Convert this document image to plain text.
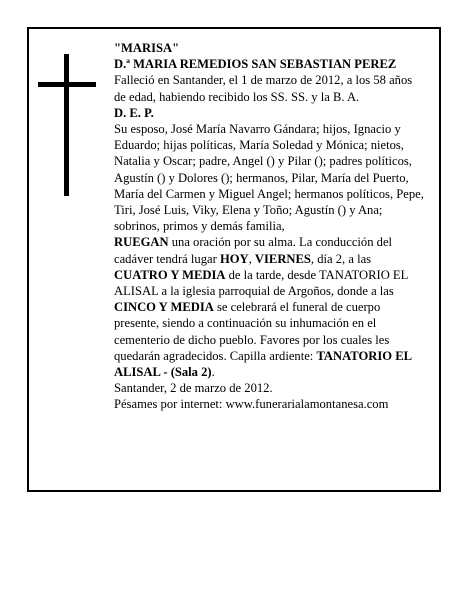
"MARISA"

D.ª MARIA REMEDIOS SAN SEBASTIAN PEREZ

Falleció en Santander, el 1 de marzo de 2012, a los 58 años de edad, habiendo recibido los SS. SS. y la B. A.

D. E. P.

Su esposo, José María Navarro Gándara; hijos, Ignacio y Eduardo; hijas políticas, María Soledad y Mónica; nietos, Natalia y Oscar; padre, Angel () y Pilar (); padres políticos, Agustín () y Dolores (); hermanos, Pilar, María del Puerto, María del Carmen y Miguel Angel; hermanos políticos, Pepe, Tiri, José Luis, Viky, Elena y Toño; Agustín () y Ana; sobrinos, primos y demás familia,

RUEGAN una oración por su alma. La conducción del cadáver tendrá lugar HOY, VIERNES, día 2, a las CUATRO Y MEDIA de la tarde, desde TANATORIO EL ALISAL a la iglesia parroquial de Argoños, donde a las CINCO Y MEDIA se celebrará el funeral de cuerpo presente, siendo a continuación su inhumación en el cementerio de dicho pueblo. Favores por los cuales les quedarán agradecidos. Capilla ardiente: TANATORIO EL ALISAL - (Sala 2).

Santander, 2 de marzo de 2012.

Pésames por internet: www.funerarialamontanesa.com
